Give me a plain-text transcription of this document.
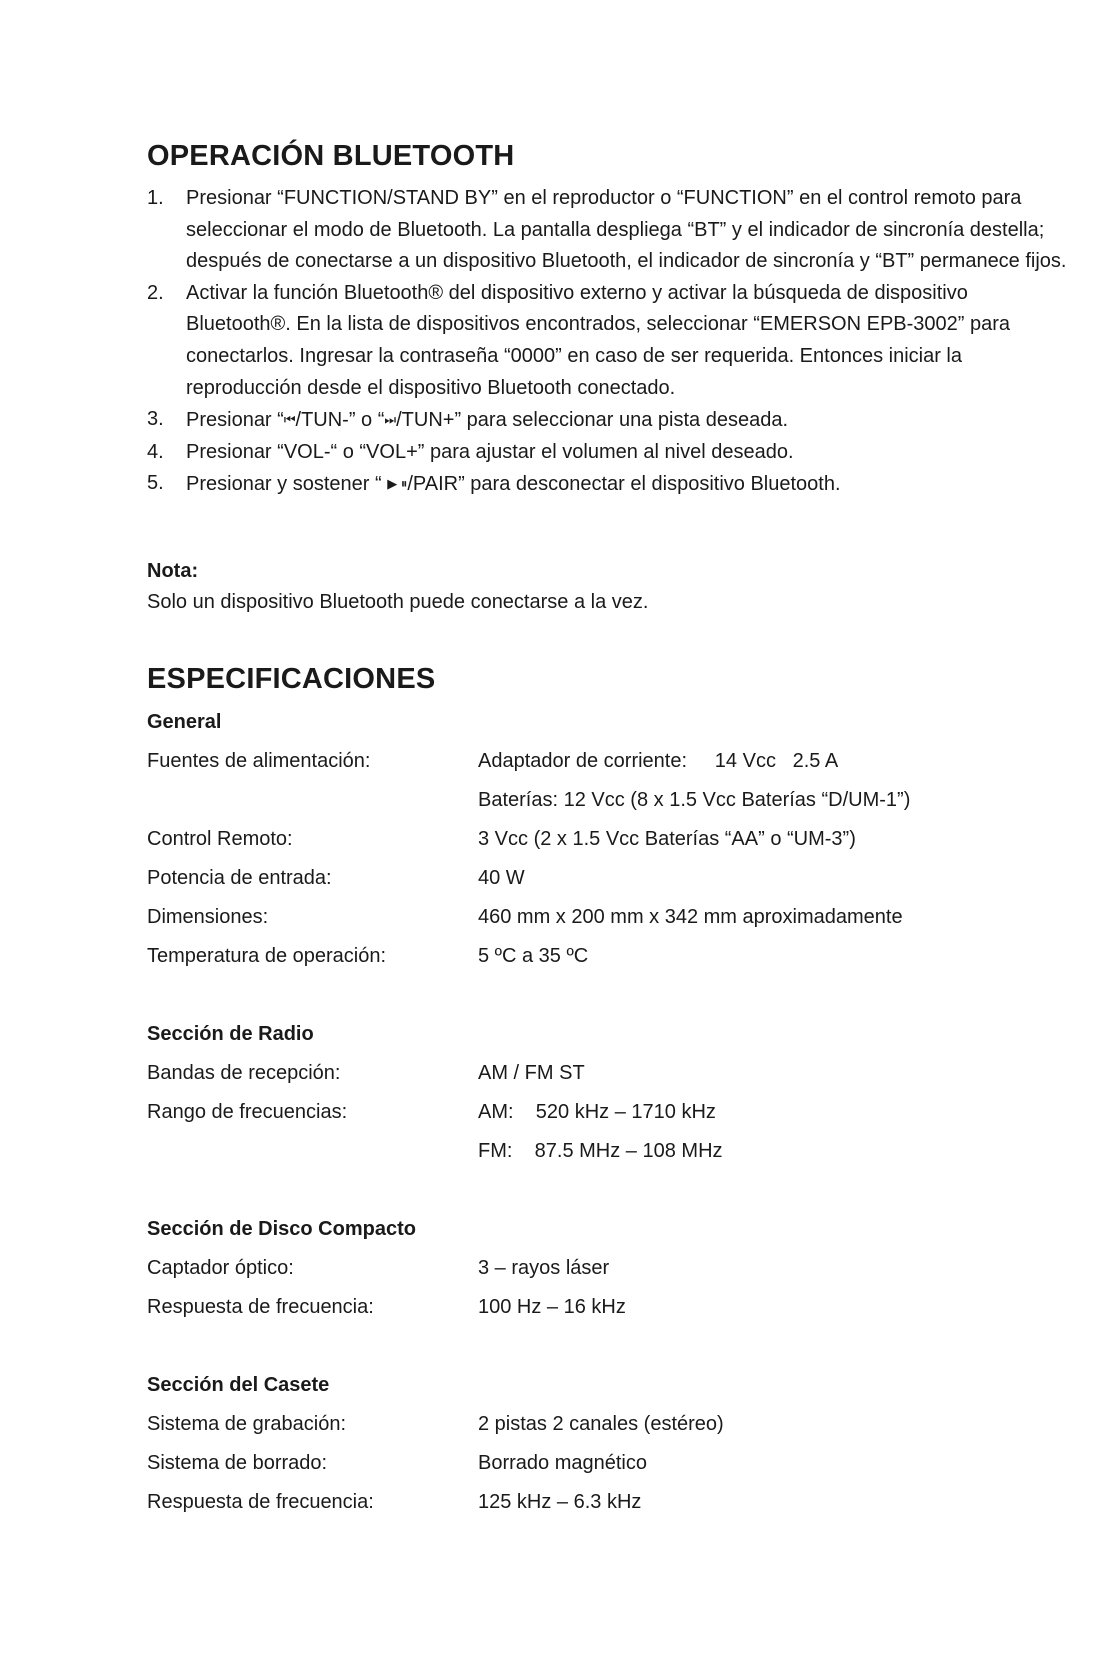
OPERACIÓN BLUETOOTH
1. Presionar “FUNCTION/STAND BY” en el reproductor o “FUNCTION” en el control remoto para seleccionar el modo de Bluetooth. La pantalla despliega “BT” y el indicador de sincronía destella; después de conectarse a un dispositivo Bluetooth, el indicador de sincronía y “BT” permanece fijos.
2. Activar la función Bluetooth® del dispositivo externo y activar la búsqueda de dispositivo Bluetooth®. En la lista de dispositivos encontrados, seleccionar “EMERSON EPB-3002” para conectarlos. Ingresar la contraseña “0000” en caso de ser requerida. Entonces iniciar la reproducción desde el dispositivo Bluetooth conectado.
3. Presionar “⏮/TUN-” o “⏭/TUN+” para seleccionar una pista deseada.
4. Presionar “VOL-“ o “VOL+” para ajustar el volumen al nivel deseado.
5. Presionar y sostener “ ▶ ⏸/PAIR” para desconectar el dispositivo Bluetooth.
Nota:
Solo un dispositivo Bluetooth puede conectarse a la vez.
ESPECIFICACIONES
General
Fuentes de alimentación:	Adaptador de corriente:     14 Vcc   2.5 A
Baterías: 12 Vcc (8 x 1.5 Vcc Baterías “D/UM-1”)
Control Remoto:	3 Vcc (2 x 1.5 Vcc Baterías “AA” o “UM-3”)
Potencia de entrada:	40 W
Dimensiones:	460 mm x 200 mm x 342 mm aproximadamente
Temperatura de operación:	5 ºC a 35 ºC
Sección de Radio
Bandas de recepción:	AM / FM ST
Rango de frecuencias:	AM:    520 kHz – 1710 kHz
FM:    87.5 MHz – 108 MHz
Sección de Disco Compacto
Captador óptico:	3 – rayos láser
Respuesta de frecuencia:	100 Hz – 16 kHz
Sección del Casete
Sistema de grabación:	2 pistas 2 canales (estéreo)
Sistema de borrado:	Borrado magnético
Respuesta de frecuencia:	125 kHz – 6.3 kHz
